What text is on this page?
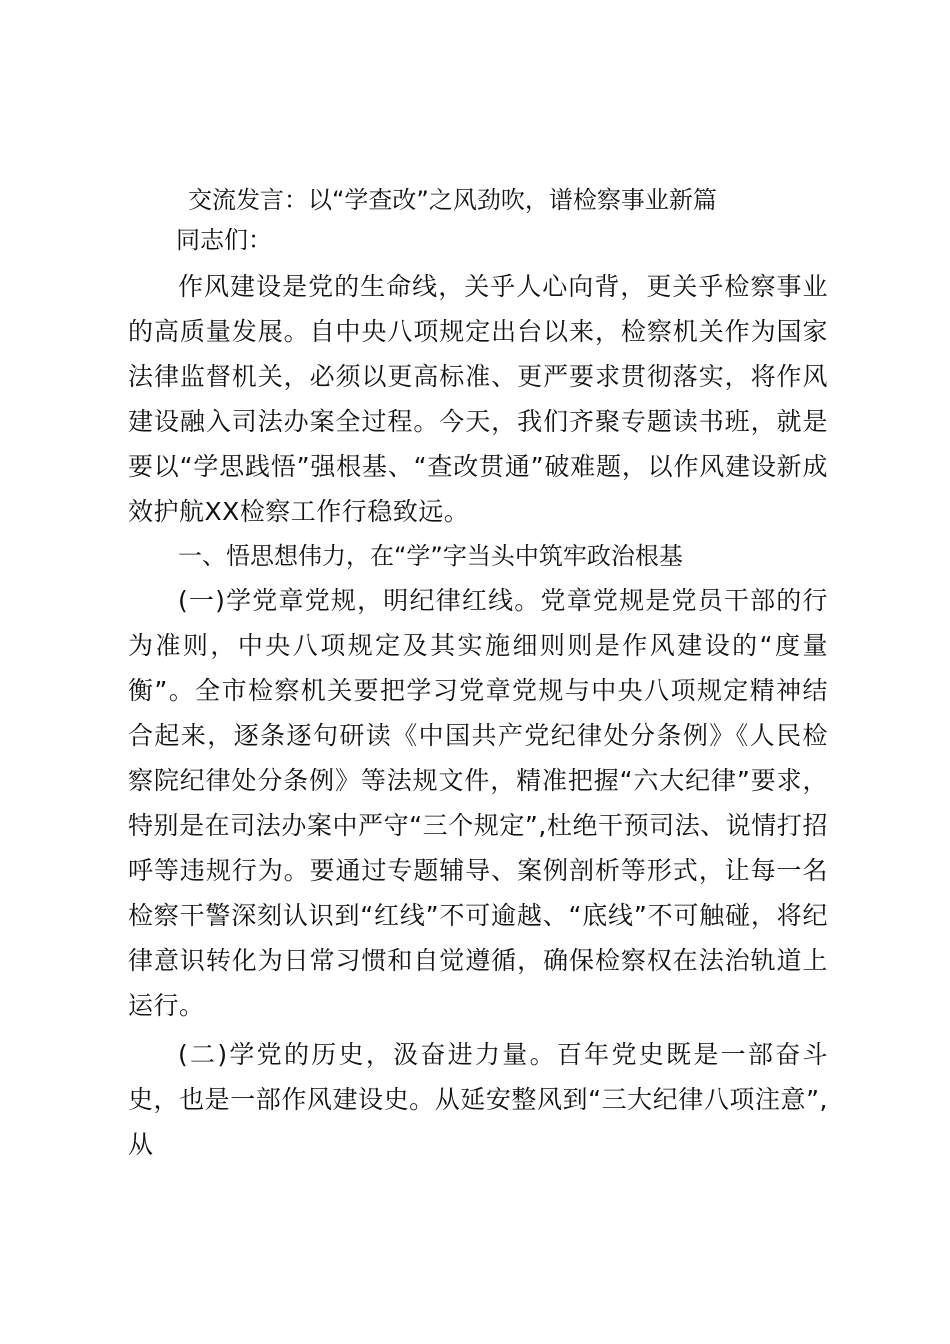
交流发言：以“学查改”之风劲吹，谱检察事业新篇
同志们：

作风建设是党的生命线，关乎人心向背，更关乎检察事业的高质量发展。自中央八项规定出台以来，检察机关作为国家法律监督机关，必须以更高标准、更严要求贯彻落实，将作风建设融入司法办案全过程。今天，我们齐聚专题读书班，就是要以“学思践悟”强根基、“查改贯通”破难题，以作风建设新成效护航XX检察工作行稳致远。

一、悟思想伟力，在“学”字当头中筑牢政治根基

(一)学党章党规，明纪律红线。党章党规是党员干部的行为准则，中央八项规定及其实施细则则是作风建设的“度量衡”。全市检察机关要把学习党章党规与中央八项规定精神结合起来，逐条逐句研读《中国共产党纪律处分条例》《人民检察院纪律处分条例》等法规文件，精准把握“六大纪律”要求，特别是在司法办案中严守“三个规定”,杜绝干预司法、说情打招呼等违规行为。要通过专题辅导、案例剖析等形式，让每一名检察干警深刻认识到“红线”不可逾越、“底线”不可触碰，将纪律意识转化为日常习惯和自觉遵循，确保检察权在法治轨道上运行。

(二)学党的历史，汲奋进力量。百年党史既是一部奋斗史，也是一部作风建设史。从延安整风到“三大纪律八项注意”,从
